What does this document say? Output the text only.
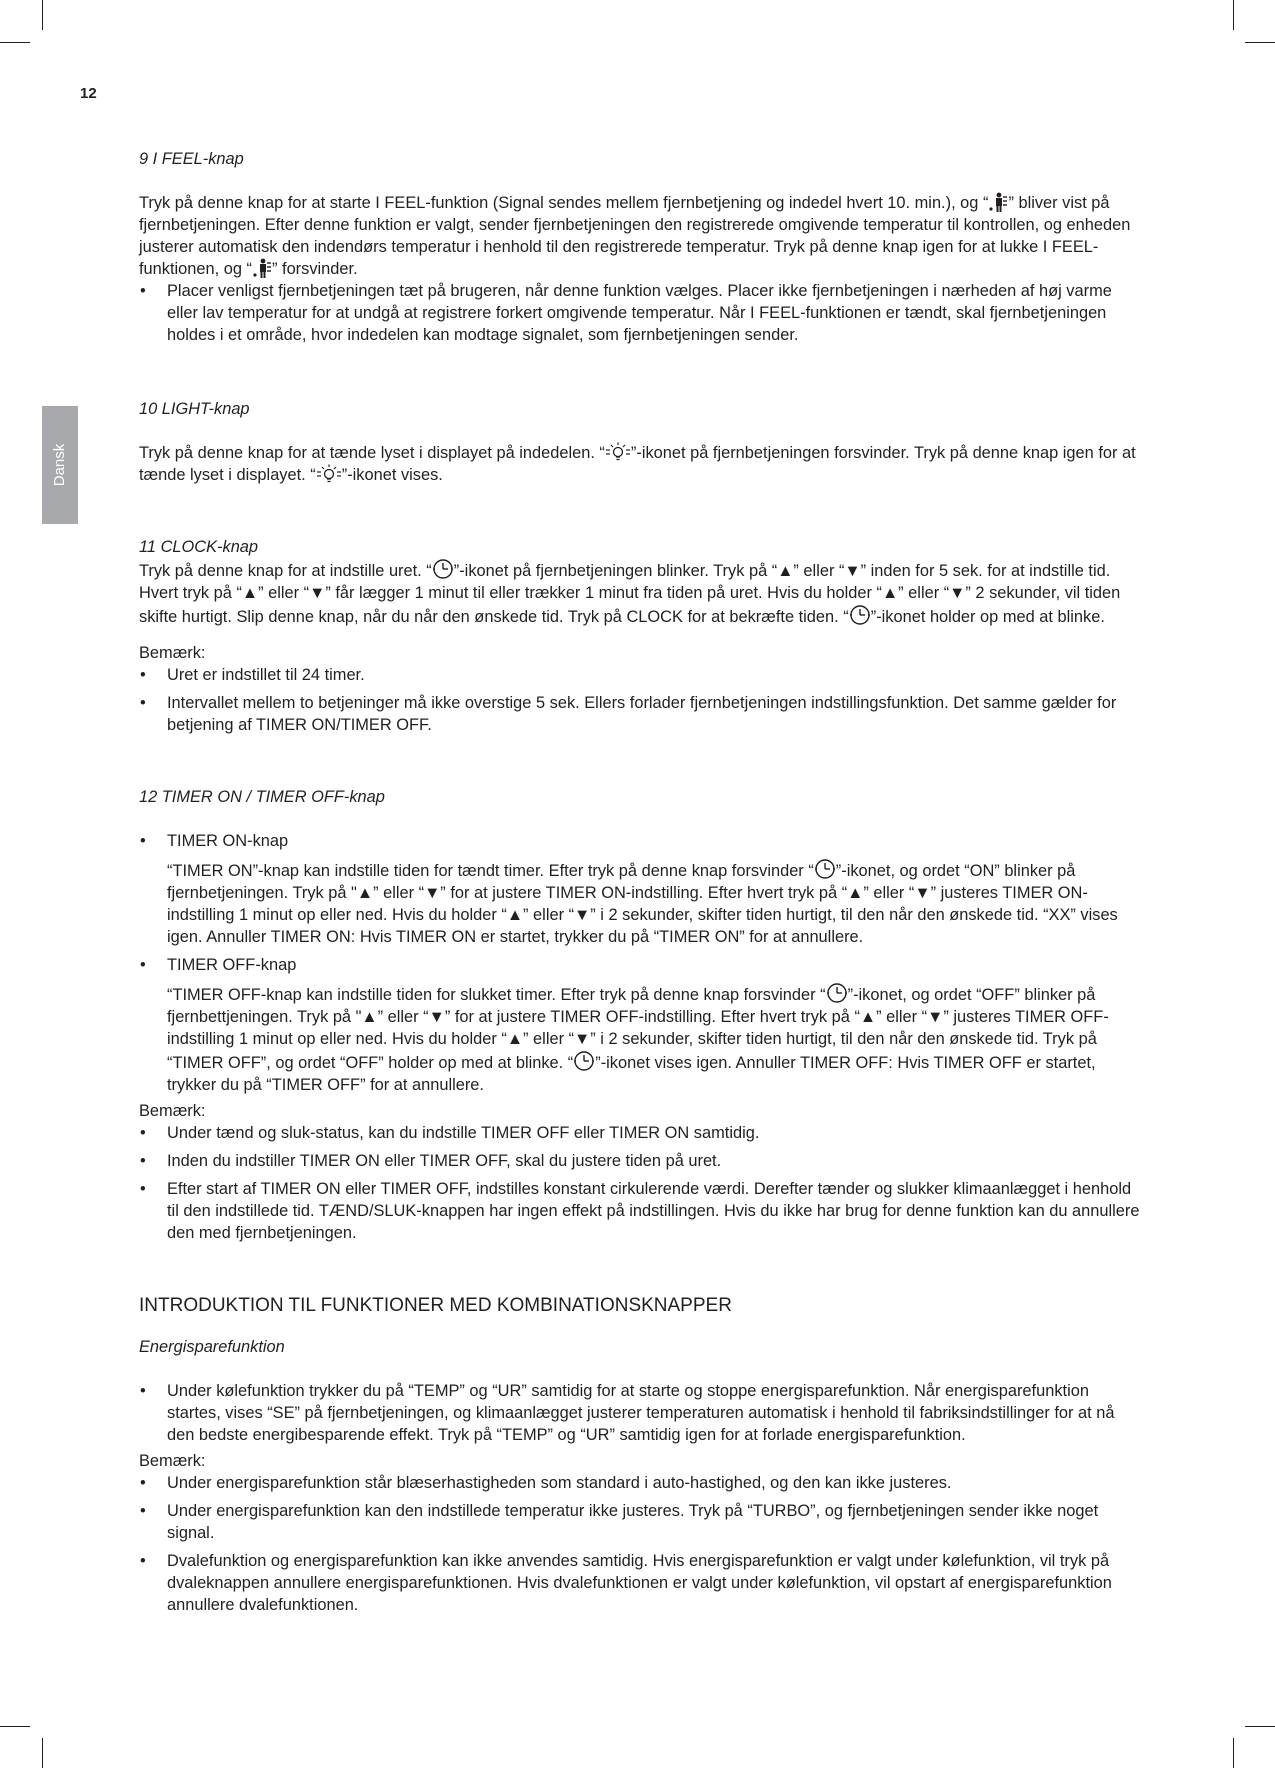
12
Dansk

9 I FEEL-knap

Tryk på denne knap for at starte I FEEL-funktion (Signal sendes mellem fjernbetjening og indedel hvert 10. min.), og “ ” bliver vist på fjernbetjeningen. Efter denne funktion er valgt, sender fjernbetjeningen den registrerede omgivende temperatur til kontrollen, og enheden justerer automatisk den indendørs temperatur i henhold til den registrerede temperatur. Tryk på denne knap igen for at lukke I FEEL-funktionen, og “ ” forsvinder.

• Placer venligst fjernbetjeningen tæt på brugeren, når denne funktion vælges. Placer ikke fjernbetjeningen i nærheden af høj varme eller lav temperatur for at undgå at registrere forkert omgivende temperatur. Når I FEEL-funktionen er tændt, skal fjernbetjeningen holdes i et område, hvor indedelen kan modtage signalet, som fjernbetjeningen sender.

10 LIGHT-knap

Tryk på denne knap for at tænde lyset i displayet på indedelen. “ ”-ikonet på fjernbetjeningen forsvinder. Tryk på denne knap igen for at tænde lyset i displayet. “ ”-ikonet vises.

11 CLOCK-knap

Tryk på denne knap for at indstille uret. “ ”-ikonet på fjernbetjeningen blinker. Tryk på “▲” eller “▼” inden for 5 sek. for at indstille tid. Hvert tryk på “▲” eller “▼” får lægger 1 minut til eller trækker 1 minut fra tiden på uret. Hvis du holder “▲” eller “▼” 2 sekunder, vil tiden skifte hurtigt. Slip denne knap, når du når den ønskede tid. Tryk på CLOCK for at bekræfte tiden. “ ”-ikonet holder op med at blinke.

Bemærk:

• Uret er indstillet til 24 timer.
• Intervallet mellem to betjeninger må ikke overstige 5 sek. Ellers forlader fjernbetjeningen indstillingsfunktion. Det samme gælder for betjening af TIMER ON/TIMER OFF.

12 TIMER ON / TIMER OFF-knap

• TIMER ON-knap

“TIMER ON”-knap kan indstille tiden for tændt timer. Efter tryk på denne knap forsvinder “ ”-ikonet, og ordet “ON” blinker på fjernbetjeningen. Tryk på "▲” eller “▼” for at justere TIMER ON-indstilling. Efter hvert tryk på “▲” eller “▼” justeres TIMER ON-indstilling 1 minut op eller ned. Hvis du holder “▲” eller “▼” i 2 sekunder, skifter tiden hurtigt, til den når den ønskede tid. “XX” vises igen. Annuller TIMER ON: Hvis TIMER ON er startet, trykker du på “TIMER ON” for at annullere.

• TIMER OFF-knap

“TIMER OFF-knap kan indstille tiden for slukket timer. Efter tryk på denne knap forsvinder “ ”-ikonet, og ordet “OFF” blinker på fjernbettjeningen. Tryk på "▲” eller “▼” for at justere TIMER OFF-indstilling. Efter hvert tryk på “▲” eller “▼” justeres TIMER OFF-indstilling 1 minut op eller ned. Hvis du holder “▲” eller “▼” i 2 sekunder, skifter tiden hurtigt, til den når den ønskede tid. Tryk på “TIMER OFF”, og ordet “OFF” holder op med at blinke. “ ”-ikonet vises igen. Annuller TIMER OFF: Hvis TIMER OFF er startet, trykker du på “TIMER OFF” for at annullere.

Bemærk:

• Under tænd og sluk-status, kan du indstille TIMER OFF eller TIMER ON samtidig.
• Inden du indstiller TIMER ON eller TIMER OFF, skal du justere tiden på uret.
• Efter start af TIMER ON eller TIMER OFF, indstilles konstant cirkulerende værdi. Derefter tænder og slukker klimaanlægget i henhold til den indstillede tid. TÆND/SLUK-knappen har ingen effekt på indstillingen. Hvis du ikke har brug for denne funktion kan du annullere den med fjernbetjeningen.

INTRODUKTION TIL FUNKTIONER MED KOMBINATIONSKNAPPER

Energisparefunktion

• Under kølefunktion trykker du på “TEMP” og “UR” samtidig for at starte og stoppe energisparefunktion. Når energisparefunktion startes, vises “SE” på fjernbetjeningen, og klimaanlægget justerer temperaturen automatisk i henhold til fabriksindstillinger for at nå den bedste energibesparende effekt. Tryk på “TEMP” og “UR” samtidig igen for at forlade energisparefunktion.

Bemærk:

• Under energisparefunktion står blæserhastigheden som standard i auto-hastighed, og den kan ikke justeres.
• Under energisparefunktion kan den indstillede temperatur ikke justeres. Tryk på “TURBO”, og fjernbetjeningen sender ikke noget signal.
• Dvalefunktion og energisparefunktion kan ikke anvendes samtidig. Hvis energisparefunktion er valgt under kølefunktion, vil tryk på dvaleknappen annullere energisparefunktionen. Hvis dvalefunktionen er valgt under kølefunktion, vil opstart af energisparefunktion annullere dvalefunktionen.
